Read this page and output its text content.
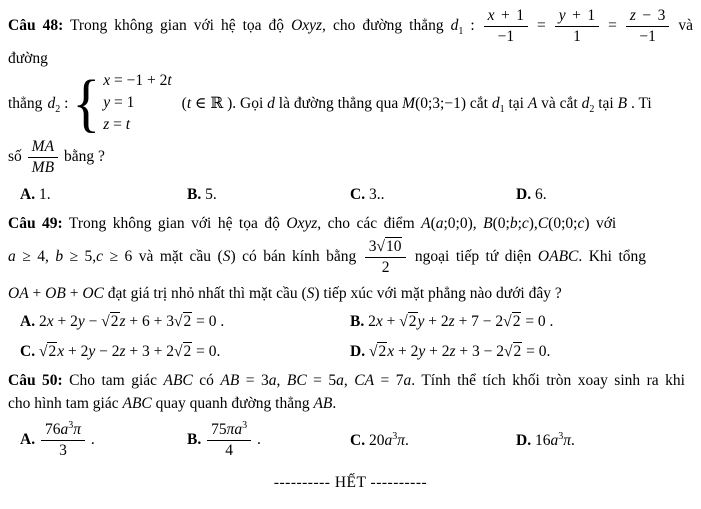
Câu 48: Trong không gian với hệ tọa độ Oxyz, cho đường thẳng $d_1$ : $\frac{x + 1}{-1} = \frac{y + 1}{1} = \frac{z - 3}{-1}$ và đường

thẳng $d_2$ : { x = −1 + 2t
y = 1
z = t
(t ∈ ℝ ). Gọi d là đường thẳng qua M(0;3;−1) cắt $d_1$ tại A và cắt $d_2$ tại B . Ti

số $\frac{MA}{MB}$ bằng ?

A. 1.	B. 5.	C. 3..	D. 6.

Câu 49: Trong không gian với hệ tọa độ Oxyz, cho các điểm A(a;0;0), B(0;b;c),C(0;0;c) với

a ≥ 4, b ≥ 5,c ≥ 6 và mặt cầu (S) có bán kính bằng $\frac{3√10}{2}$ ngoại tiếp tứ diện OABC. Khi tổng

OA + OB + OC đạt giá trị nhỏ nhất thì mặt cầu (S) tiếp xúc với mặt phẳng nào dưới đây ?

A. 2x + 2y − √2z + 6 + 3√2 = 0 .	B. 2x + √2y + 2z + 7 − 2√2 = 0 .
C. √2x + 2y − 2z + 3 + 2√2 = 0.	D. √2x + 2y + 2z + 3 − 2√2 = 0.

Câu 50: Cho tam giác ABC có AB = 3a, BC = 5a, CA = 7a. Tính thể tích khối tròn xoay sinh ra khi

cho hình tam giác ABC quay quanh đường thẳng AB.

A. $\frac{76a^3\pi}{3}$ .	B. $\frac{75\pi a^3}{4}$ .	C. $20a^3\pi$.	D. $16a^3\pi$.

---------- HẾT ----------
